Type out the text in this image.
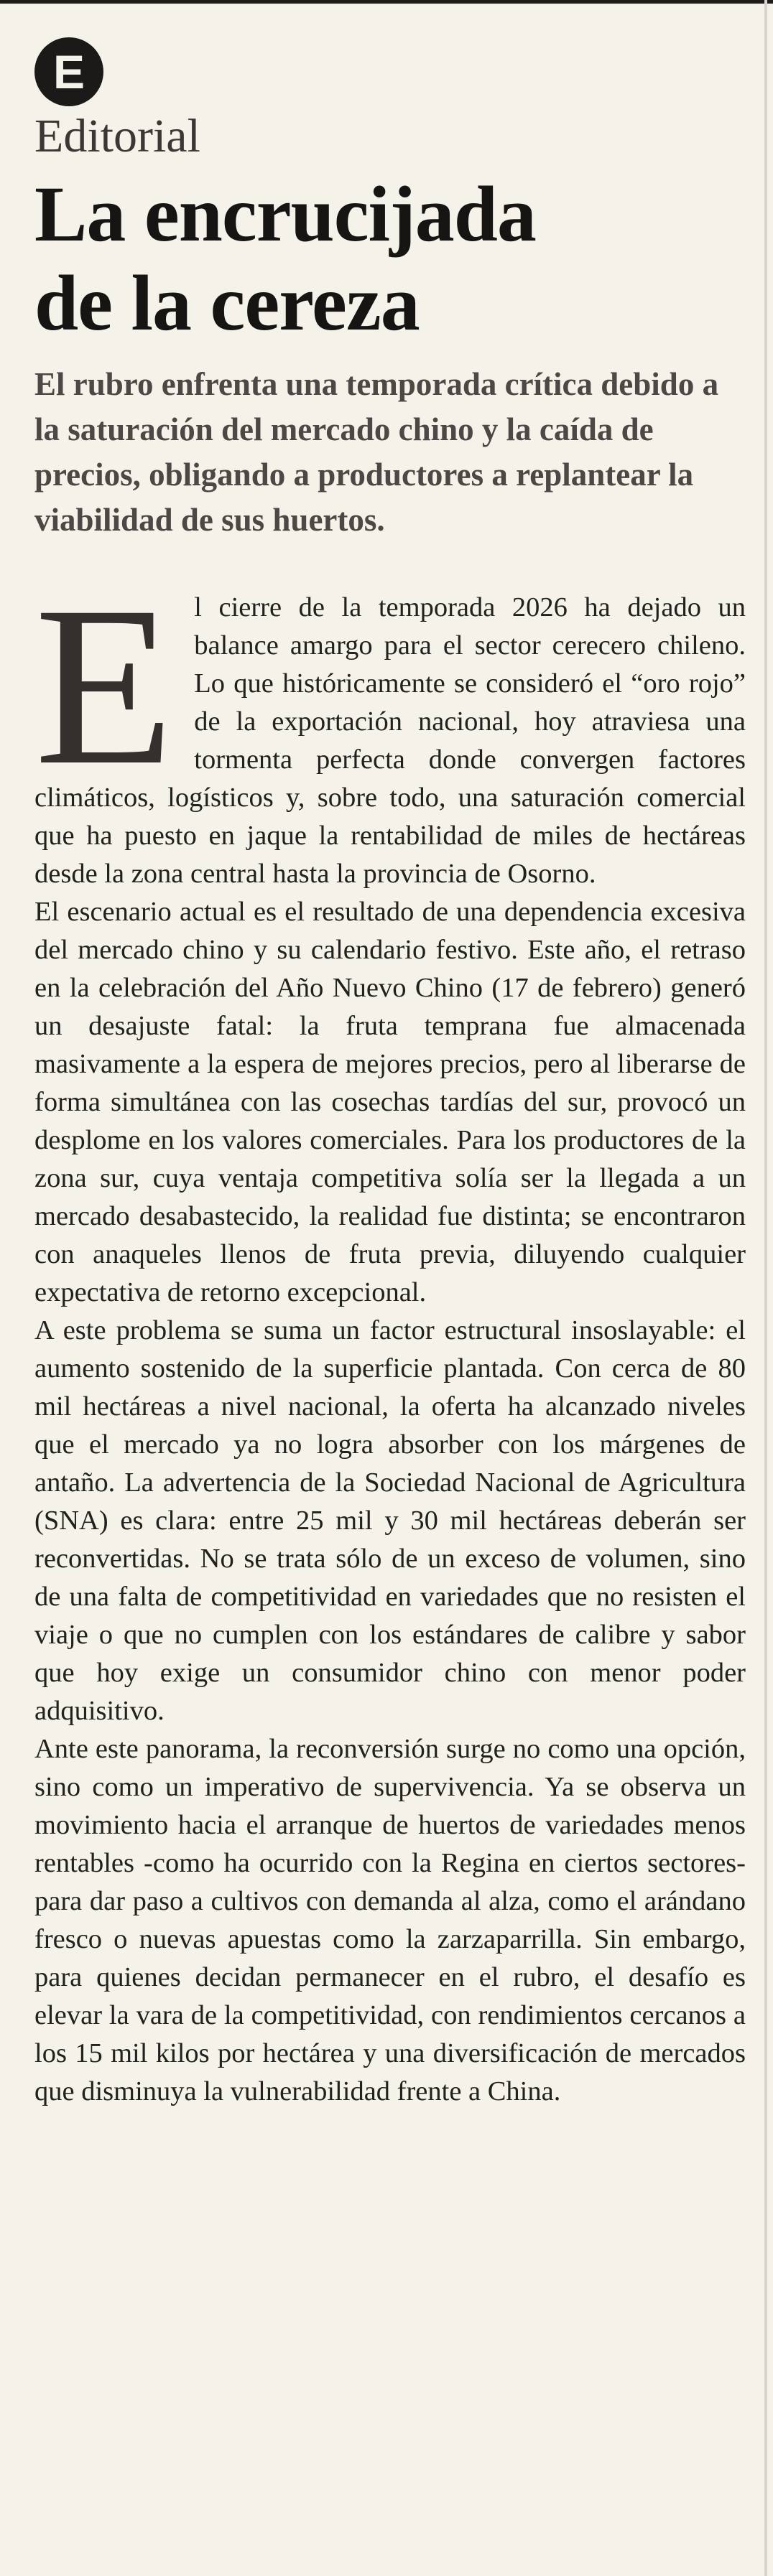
E
Editorial
La encrucijada
de la cereza

El rubro enfrenta una temporada crítica debido a la saturación del mercado chino y la caída de precios, obligando a productores a replantear la viabilidad de sus huertos.

E l cierre de la temporada 2026 ha dejado un balance amargo para el sector cerecero chileno. Lo que históricamente se consideró el “oro rojo” de la exportación nacional, hoy atraviesa una tormenta perfecta donde convergen factores climáticos, logísticos y, sobre todo, una saturación comercial que ha puesto en jaque la rentabilidad de miles de hectáreas desde la zona central hasta la provincia de Osorno.

El escenario actual es el resultado de una dependencia excesiva del mercado chino y su calendario festivo. Este año, el retraso en la celebración del Año Nuevo Chino (17 de febrero) generó un desajuste fatal: la fruta temprana fue almacenada masivamente a la espera de mejores precios, pero al liberarse de forma simultánea con las cosechas tardías del sur, provocó un desplome en los valores comerciales. Para los productores de la zona sur, cuya ventaja competitiva solía ser la llegada a un mercado desabastecido, la realidad fue distinta; se encontraron con anaqueles llenos de fruta previa, diluyendo cualquier expectativa de retorno excepcional.

A este problema se suma un factor estructural insoslayable: el aumento sostenido de la superficie plantada. Con cerca de 80 mil hectáreas a nivel nacional, la oferta ha alcanzado niveles que el mercado ya no logra absorber con los márgenes de antaño. La advertencia de la Sociedad Nacional de Agricultura (SNA) es clara: entre 25 mil y 30 mil hectáreas deberán ser reconvertidas. No se trata sólo de un exceso de volumen, sino de una falta de competitividad en variedades que no resisten el viaje o que no cumplen con los estándares de calibre y sabor que hoy exige un consumidor chino con menor poder adquisitivo.

Ante este panorama, la reconversión surge no como una opción, sino como un imperativo de supervivencia. Ya se observa un movimiento hacia el arranque de huertos de variedades menos rentables -como ha ocurrido con la Regina en ciertos sectores- para dar paso a cultivos con demanda al alza, como el arándano fresco o nuevas apuestas como la zarzaparrilla. Sin embargo, para quienes decidan permanecer en el rubro, el desafío es elevar la vara de la competitividad, con rendimientos cercanos a los 15 mil kilos por hectárea y una diversificación de mercados que disminuya la vulnerabilidad frente a China.
